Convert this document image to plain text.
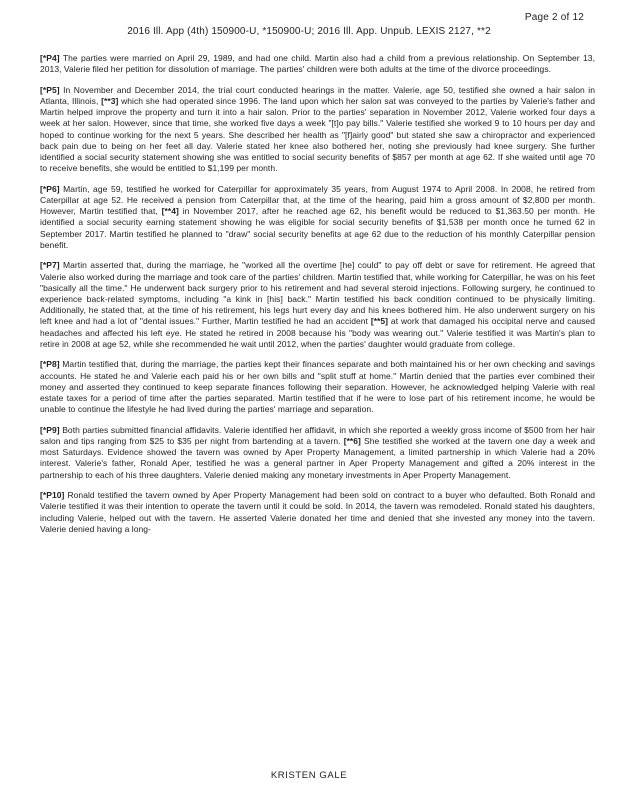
Page 2 of 12
2016 Ill. App (4th) 150900-U, *150900-U; 2016 Ill. App. Unpub. LEXIS 2127, **2

[*P4] The parties were married on April 29, 1989, and had one child. Martin also had a child from a previous relationship. On September 13, 2013, Valerie filed her petition for dissolution of marriage. The parties' children were both adults at the time of the divorce proceedings.

[*P5] In November and December 2014, the trial court conducted hearings in the matter. Valerie, age 50, testified she owned a hair salon in Atlanta, Illinois, [**3] which she had operated since 1996. The land upon which her salon sat was conveyed to the parties by Valerie's father and Martin helped improve the property and turn it into a hair salon. Prior to the parties' separation in November 2012, Valerie worked four days a week at her salon. However, since that time, she worked five days a week "[t]o pay bills." Valerie testified she worked 9 to 10 hours per day and hoped to continue working for the next 5 years. She described her health as "[f]airly good" but stated she saw a chiropractor and experienced back pain due to being on her feet all day. Valerie stated her knee also bothered her, noting she previously had knee surgery. She further identified a social security statement showing she was entitled to social security benefits of $857 per month at age 62. If she waited until age 70 to receive benefits, she would be entitled to $1,199 per month.

[*P6] Martin, age 59, testified he worked for Caterpillar for approximately 35 years, from August 1974 to April 2008. In 2008, he retired from Caterpillar at age 52. He received a pension from Caterpillar that, at the time of the hearing, paid him a gross amount of $2,800 per month. However, Martin testified that, [**4] in November 2017, after he reached age 62, his benefit would be reduced to $1,363.50 per month. He identified a social security earning statement showing he was eligible for social security benefits of $1,538 per month once he turned 62 in September 2017. Martin testified he planned to "draw" social security benefits at age 62 due to the reduction of his monthly Caterpillar pension benefit.

[*P7] Martin asserted that, during the marriage, he "worked all the overtime [he] could" to pay off debt or save for retirement. He agreed that Valerie also worked during the marriage and took care of the parties' children. Martin testified that, while working for Caterpillar, he was on his feet "basically all the time." He underwent back surgery prior to his retirement and had several steroid injections. Following surgery, he continued to experience back-related symptoms, including "a kink in [his] back." Martin testified his back condition continued to be physically limiting. Additionally, he stated that, at the time of his retirement, his legs hurt every day and his knees bothered him. He also underwent surgery on his left knee and had a lot of "dental issues." Further, Martin testified he had an accident [**5] at work that damaged his occipital nerve and caused headaches and affected his left eye. He stated he retired in 2008 because his "body was wearing out." Valerie testified it was Martin's plan to retire in 2008 at age 52, while she recommended he wait until 2012, when the parties' daughter would graduate from college.

[*P8] Martin testified that, during the marriage, the parties kept their finances separate and both maintained his or her own checking and savings accounts. He stated he and Valerie each paid his or her own bills and "split stuff at home." Martin denied that the parties ever combined their money and asserted they continued to keep separate finances following their separation. However, he acknowledged helping Valerie with real estate taxes for a period of time after the parties separated. Martin testified that if he were to lose part of his retirement income, he would be unable to continue the lifestyle he had lived during the parties' marriage and separation.

[*P9] Both parties submitted financial affidavits. Valerie identified her affidavit, in which she reported a weekly gross income of $500 from her hair salon and tips ranging from $25 to $35 per night from bartending at a tavern. [**6] She testified she worked at the tavern one day a week and most Saturdays. Evidence showed the tavern was owned by Aper Property Management, a limited partnership in which Valerie had a 20% interest. Valerie's father, Ronald Aper, testified he was a general partner in Aper Property Management and gifted a 20% interest in the partnership to each of his three daughters. Valerie denied making any monetary investments in Aper Property Management.

[*P10] Ronald testified the tavern owned by Aper Property Management had been sold on contract to a buyer who defaulted. Both Ronald and Valerie testified it was their intention to operate the tavern until it could be sold. In 2014, the tavern was remodeled. Ronald stated his daughters, including Valerie, helped out with the tavern. He asserted Valerie donated her time and denied that she invested any money into the tavern. Valerie denied having a long-

KRISTEN GALE
